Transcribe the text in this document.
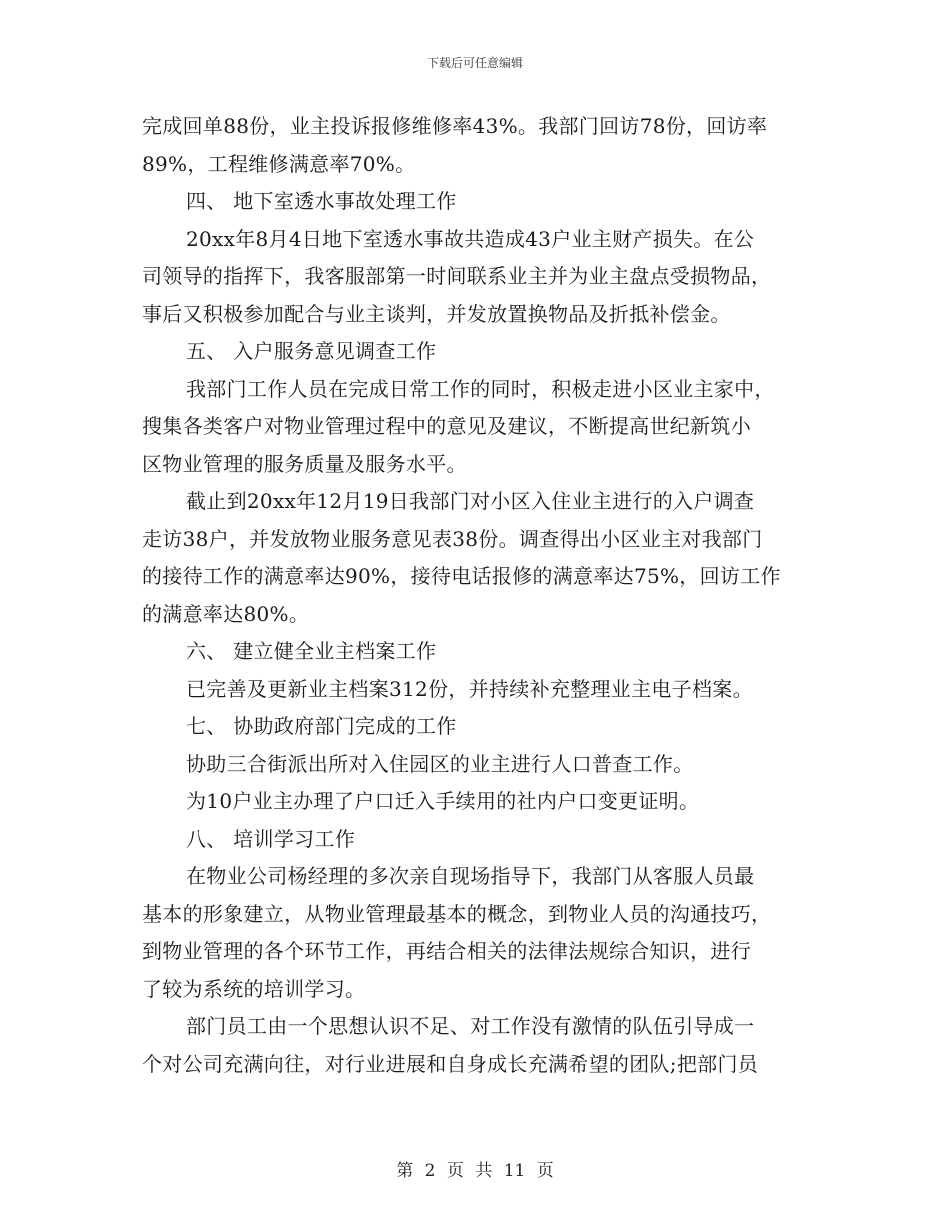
下载后可任意编辑
完成回单88份，业主投诉报修维修率43%。我部门回访78份，回访率
89%，工程维修满意率70%。
四、 地下室透水事故处理工作
20xx年8月4日地下室透水事故共造成43户业主财产损失。在公
司领导的指挥下，我客服部第一时间联系业主并为业主盘点受损物品，
事后又积极参加配合与业主谈判，并发放置换物品及折抵补偿金。
五、 入户服务意见调查工作
我部门工作人员在完成日常工作的同时，积极走进小区业主家中，
搜集各类客户对物业管理过程中的意见及建议，不断提高世纪新筑小
区物业管理的服务质量及服务水平。
截止到20xx年12月19日我部门对小区入住业主进行的入户调查
走访38户，并发放物业服务意见表38份。调查得出小区业主对我部门
的接待工作的满意率达90%，接待电话报修的满意率达75%，回访工作
的满意率达80%。
六、 建立健全业主档案工作
已完善及更新业主档案312份，并持续补充整理业主电子档案。
七、 协助政府部门完成的工作
协助三合街派出所对入住园区的业主进行人口普查工作。
为10户业主办理了户口迁入手续用的社内户口变更证明。
八、 培训学习工作
在物业公司杨经理的多次亲自现场指导下，我部门从客服人员最
基本的形象建立，从物业管理最基本的概念，到物业人员的沟通技巧，
到物业管理的各个环节工作，再结合相关的法律法规综合知识，进行
了较为系统的培训学习。
部门员工由一个思想认识不足、对工作没有激情的队伍引导成一
个对公司充满向往，对行业进展和自身成长充满希望的团队;把部门员
第 2 页 共 11 页
